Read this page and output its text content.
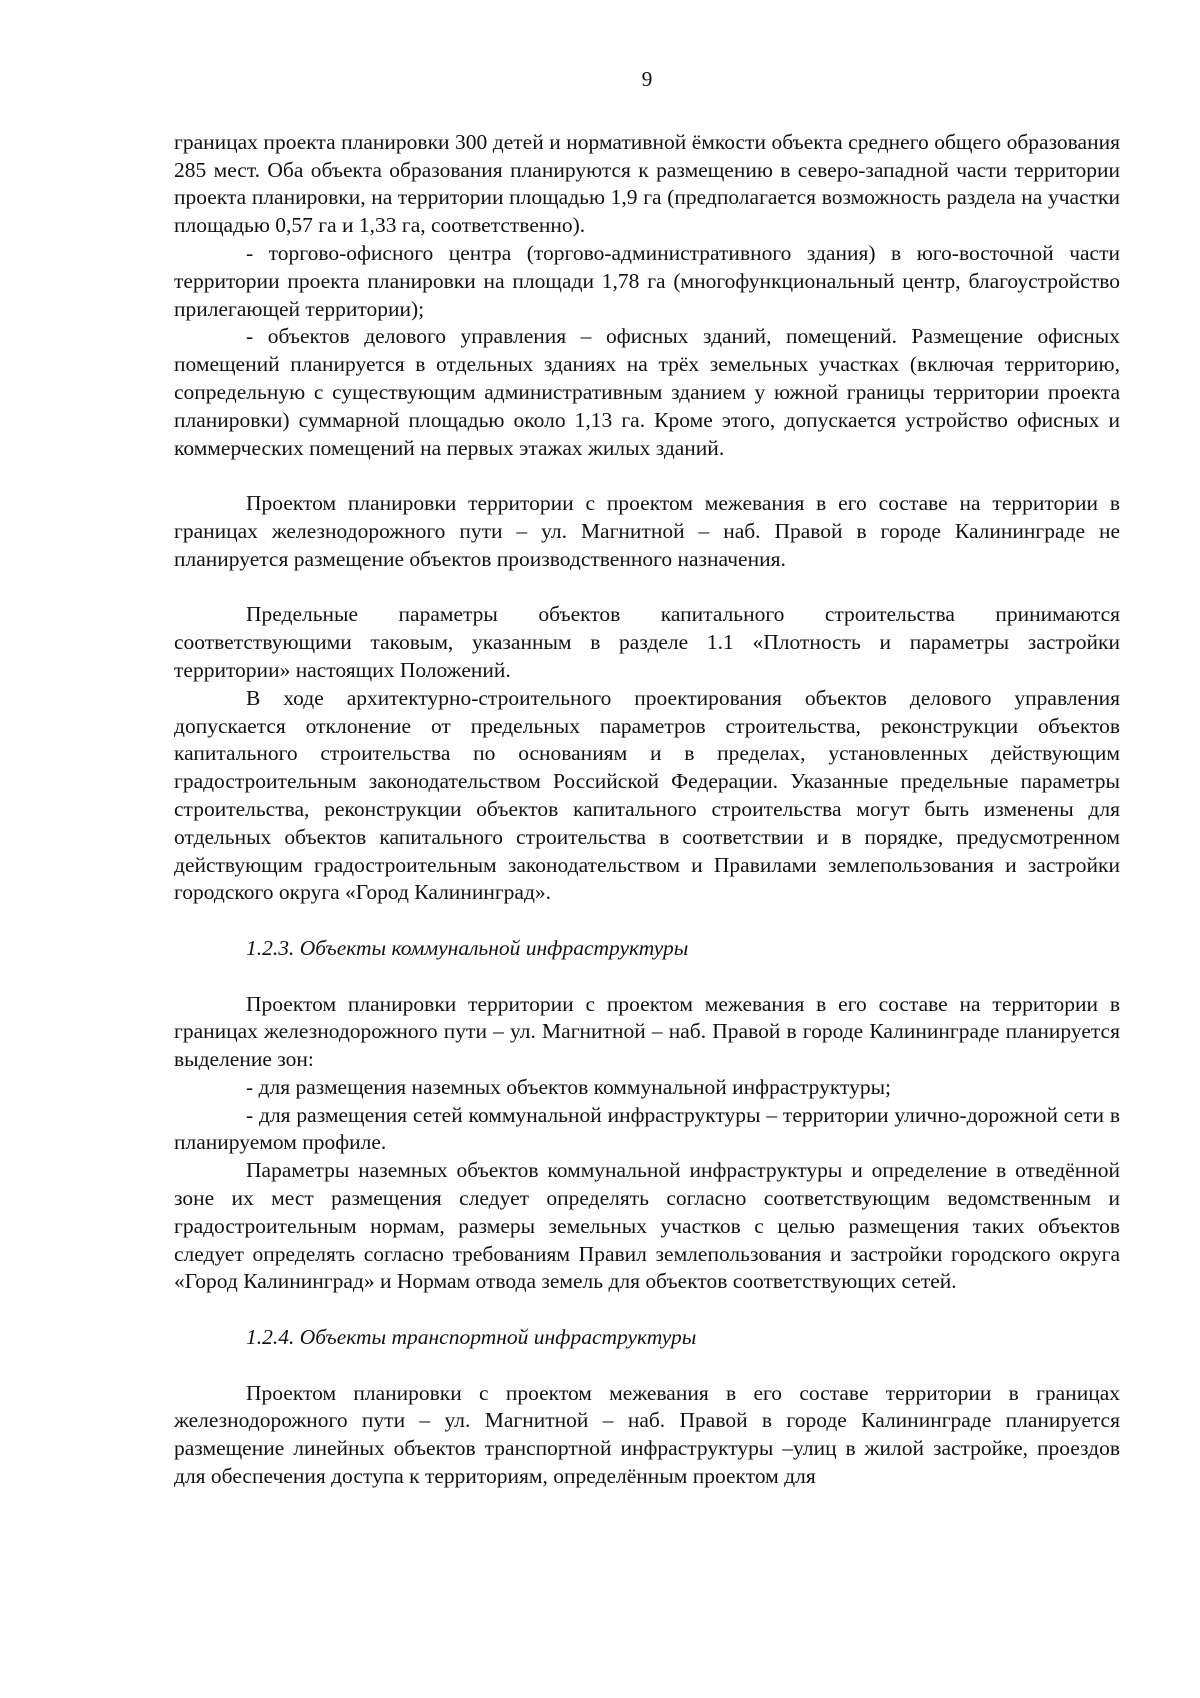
9

границах проекта планировки 300 детей и нормативной ёмкости объекта среднего общего образования 285 мест. Оба объекта образования планируются к размещению в северо-западной части территории проекта планировки, на территории площадью 1,9 га (предполагается возможность раздела на участки площадью 0,57 га и 1,33 га, соответственно).

- торгово-офисного центра (торгово-административного здания) в юго-восточной части территории проекта планировки на площади 1,78 га (многофункциональный центр, благоустройство прилегающей территории);

- объектов делового управления – офисных зданий, помещений. Размещение офисных помещений планируется в отдельных зданиях на трёх земельных участках (включая территорию, сопредельную с существующим административным зданием у южной границы территории проекта планировки) суммарной площадью около 1,13 га. Кроме этого, допускается устройство офисных и коммерческих помещений на первых этажах жилых зданий.

Проектом планировки территории с проектом межевания в его составе на территории в границах железнодорожного пути – ул. Магнитной – наб. Правой в городе Калининграде не планируется размещение объектов производственного назначения.

Предельные параметры объектов капитального строительства принимаются соответствующими таковым, указанным в разделе 1.1 «Плотность и параметры застройки территории» настоящих Положений.

В ходе архитектурно-строительного проектирования объектов делового управления допускается отклонение от предельных параметров строительства, реконструкции объектов капитального строительства по основаниям и в пределах, установленных действующим градостроительным законодательством Российской Федерации. Указанные предельные параметры строительства, реконструкции объектов капитального строительства могут быть изменены для отдельных объектов капитального строительства в соответствии и в порядке, предусмотренном действующим градостроительным законодательством и Правилами землепользования и застройки городского округа «Город Калининград».

1.2.3. Объекты коммунальной инфраструктуры

Проектом планировки территории с проектом межевания в его составе на территории в границах железнодорожного пути – ул. Магнитной – наб. Правой в городе Калининграде планируется выделение зон:

- для размещения наземных объектов коммунальной инфраструктуры;

- для размещения сетей коммунальной инфраструктуры – территории улично-дорожной сети в планируемом профиле.

Параметры наземных объектов коммунальной инфраструктуры и определение в отведённой зоне их мест размещения следует определять согласно соответствующим ведомственным и градостроительным нормам, размеры земельных участков с целью размещения таких объектов следует определять согласно требованиям Правил землепользования и застройки городского округа «Город Калининград» и Нормам отвода земель для объектов соответствующих сетей.

1.2.4. Объекты транспортной инфраструктуры

Проектом планировки с проектом межевания в его составе территории в границах железнодорожного пути – ул. Магнитной – наб. Правой в городе Калининграде планируется размещение линейных объектов транспортной инфраструктуры –улиц в жилой застройке, проездов для обеспечения доступа к территориям, определённым проектом для
